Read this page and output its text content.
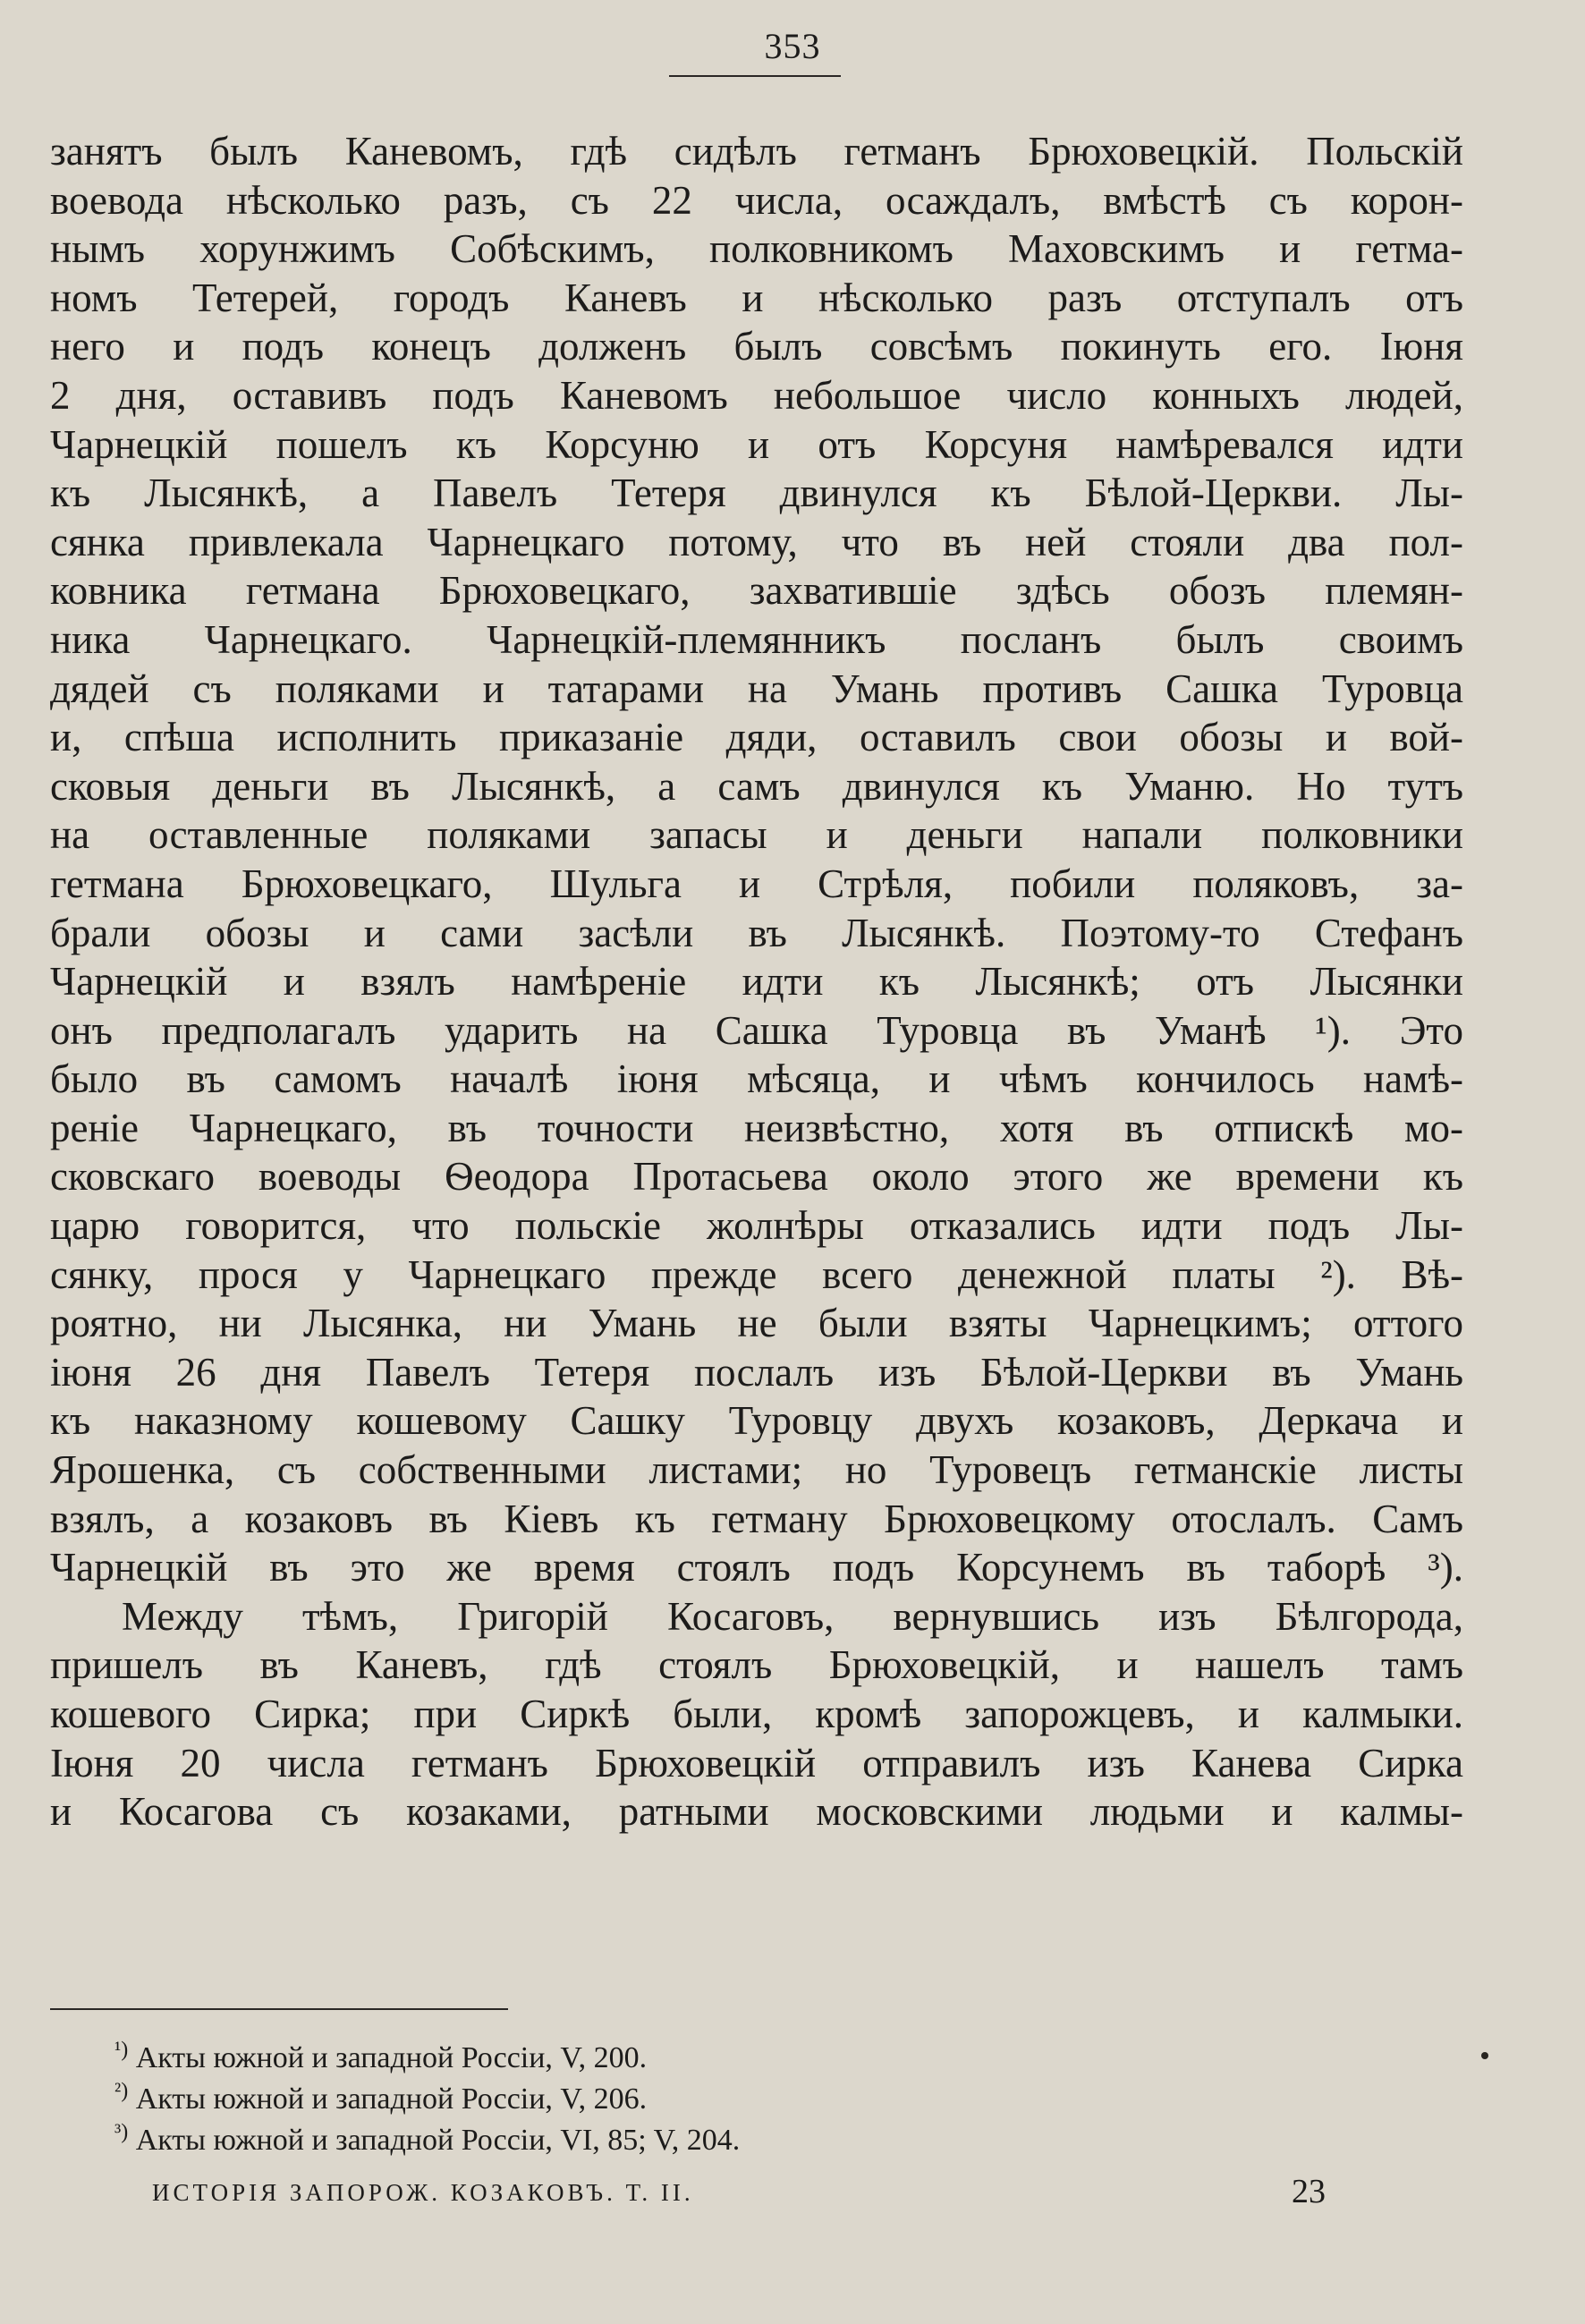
353
занятъ былъ Каневомъ, гдѣ сидѣлъ гетманъ Брюховецкій. Польскій
воевода нѣсколько разъ, съ 22 числа, осаждалъ, вмѣстѣ съ корон-
нымъ хорунжимъ Собѣскимъ, полковникомъ Маховскимъ и гетма-
номъ Тетерей, городъ Каневъ и нѣсколько разъ отступалъ отъ
него и подъ конецъ долженъ былъ совсѣмъ покинуть его. Іюня
2 дня, оставивъ подъ Каневомъ небольшое число конныхъ людей,
Чарнецкій пошелъ къ Корсуню и отъ Корсуня намѣревался идти
къ Лысянкѣ, а Павелъ Тетеря двинулся къ Бѣлой-Церкви. Лы-
сянка привлекала Чарнецкаго потому, что въ ней стояли два пол-
ковника гетмана Брюховецкаго, захватившіе здѣсь обозъ племян-
ника Чарнецкаго. Чарнецкій-племянникъ посланъ былъ своимъ
дядей съ поляками и татарами на Умань противъ Сашка Туровца
и, спѣша исполнить приказаніе дяди, оставилъ свои обозы и вой-
сковыя деньги въ Лысянкѣ, а самъ двинулся къ Уманю. Но тутъ
на оставленные поляками запасы и деньги напали полковники
гетмана Брюховецкаго, Шульга и Стрѣля, побили поляковъ, за-
брали обозы и сами засѣли въ Лысянкѣ. Поэтому-то Стефанъ
Чарнецкій и взялъ намѣреніе идти къ Лысянкѣ; отъ Лысянки
онъ предполагалъ ударить на Сашка Туровца въ Уманѣ ¹). Это
было въ самомъ началѣ іюня мѣсяца, и чѣмъ кончилось намѣ-
реніе Чарнецкаго, въ точности неизвѣстно, хотя въ отпискѣ мо-
сковскаго воеводы Ѳеодора Протасьева около этого же времени къ
царю говорится, что польскіе жолнѣры отказались идти подъ Лы-
сянку, прося у Чарнецкаго прежде всего денежной платы ²). Вѣ-
роятно, ни Лысянка, ни Умань не были взяты Чарнецкимъ; оттого
іюня 26 дня Павелъ Тетеря послалъ изъ Бѣлой-Церкви въ Умань
къ наказному кошевому Сашку Туровцу двухъ козаковъ, Деркача и
Ярошенка, съ собственными листами; но Туровецъ гетманскіе листы
взялъ, а козаковъ въ Кіевъ къ гетману Брюховецкому отослалъ. Самъ
Чарнецкій въ это же время стоялъ подъ Корсунемъ въ таборѣ ³).
Между тѣмъ, Григорій Косаговъ, вернувшись изъ Бѣлгорода,
пришелъ въ Каневъ, гдѣ стоялъ Брюховецкій, и нашелъ тамъ
кошевого Сирка; при Сиркѣ были, кромѣ запорожцевъ, и калмыки.
Іюня 20 числа гетманъ Брюховецкій отправилъ изъ Канева Сирка
и Косагова съ козаками, ратными московскими людьми и калмы-
$^{^1)}$ Акты южной и западной Россіи, V, 200.
$^{^2)}$ Акты южной и западной Россіи, V, 206.
$^{^3)}$ Акты южной и западной Россіи, VI, 85; V, 204.
ИСТОРІЯ ЗАПОРОЖ. КОЗАКОВЪ. Т. II.	23
